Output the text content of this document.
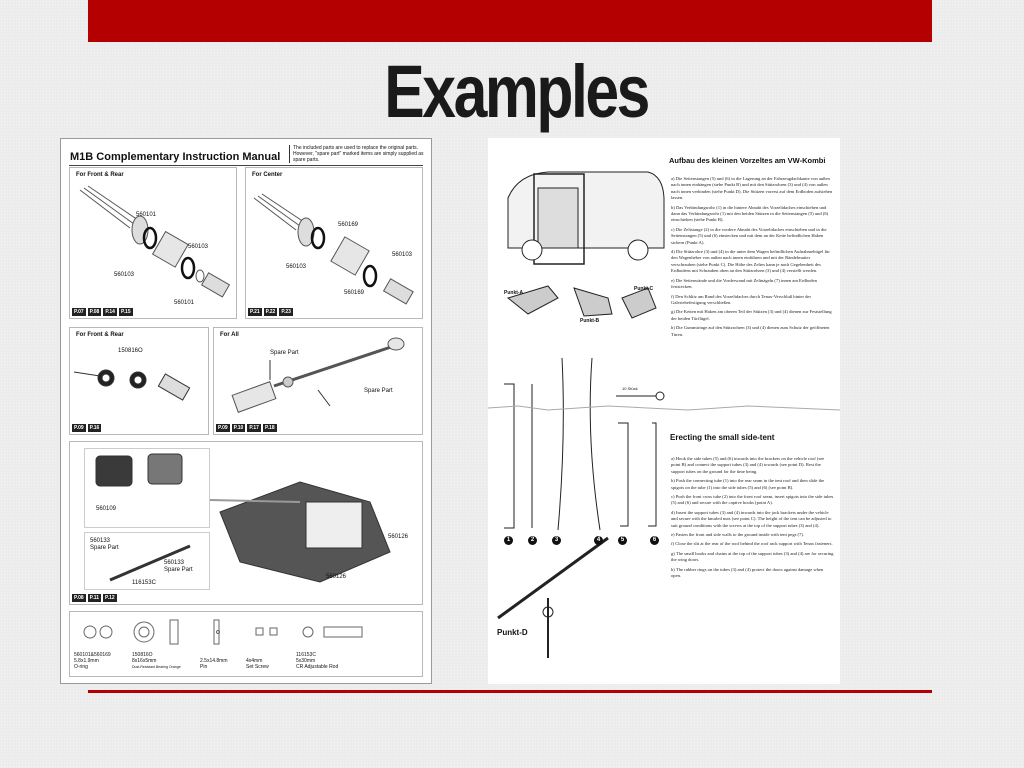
Examples
M1B Complementary Instruction Manual
The included parts are used to replace the original parts. However, "spare part" marked items are simply supplied as spare parts.
For Front & Rear
560101
560103
560103
560101
P.07	P.08	P.14	P.15
For Center
560169
560103
560103
560169
P.21	P.22	P.23
For Front & Rear
150816O
P.09	P.16
For All
Spare Part
Spare Part
P.09	P.10	P.17	P.18
560109
560133
Spare Part
560133
Spare Part
116153C
560126
560126
P.08	P.11	P.12
560101&560169
5.8x1.9mm
O-ring
150816O
8x16x5mm
Dust-Resistant Bearing Orange
2.5x14.8mm
Pin
4x4mm
Set Screw
116153C
5x30mm
CR Adjustable Rod
Aufbau des kleinen Vorzeltes am VW-Kombi

a) Die Seitenstangen (5) und (6) in die Lagerung an der Fahrzeugdachkante von außen nach innen einhängen (siehe Punkt B) und mit den Stützrohren (3) und (4) von außen nach innen verbinden (siehe Punkt D). Die Stützen vorerst auf dem Erdboden aufstehen lassen.

b) Das Verbindungsrohr (1) in die hintere Abnaht des Vorzeltdaches einschieben und dann das Verbindungsrohr (1) mit den beiden Stützen in die Seitenstangen (5) und (6) einschieben (siehe Punkt B).

c) Die Zeltstange (2) in die vordere Abnaht des Vorzeltdaches einschieben und in die Seitenstangen (5) und (6) einstecken und mit dem an der Kette befindlichen Haken sichern (Punkt A).

d) Die Stützrohre (3) und (4) in die unter dem Wagen befindlichen Aufnahmebügel für den Wagenheber von außen nach innen einführen und mit der Rändelmutter verschrauben (siehe Punkt C). Die Höhe des Zeltes kann je nach Gegebenheit des Erdbodens mit Schrauben oben an den Stützrohren (3) und (4) verstellt werden.

e) Die Seitenwände und die Vorderwand mit Zeltnägeln (7) innen am Erdboden feststecken.

f) Den Schlitz am Rand des Vorzeltdaches durch Tenax-Verschluß hinter der Galeriebefestigung verschließen.

g) Die Ketten mit Haken am oberen Teil der Stützen (3) und (4) dienen zur Feststellung der beiden Türflügel.

h) Die Gummiringe auf den Stützrohren (3) und (4) dienen zum Schutz der geöffneten Türen.

Erecting the small side-tent

a) Hook the side tubes (5) and (6) inwards into the brackets on the vehicle roof (see point B) and connect the support tubes (3) and (4) towards (see point D). Rest the support tubes on the ground for the time being.

b) Push the connecting tube (1) into the rear seam in the tent roof and then slide the spigots on the tube (1) into the side tubes (5) and (6) (see point B).

c) Push the front cross tube (2) into the front roof seam, insert spigots into the side tubes (5) and (6) and secure with the captive hooks (point A).

d) Insert the support tubes (3) and (4) inwards into the jack brackets under the vehicle and secure with the knurled nuts (see point C). The height of the tent can be adjusted to suit ground conditions with the screws at the top of the support tubes (3) and (4).

e) Fasten the front and side walls to the ground inside with tent pegs (7).

f) Close the slit at the rear of the roof behind the roof rack support with Tenax fasteners.

g) The small hooks and chains at the top of the support tubes (3) and (4) are for securing the wing doors.

h) The rubber rings on the tubes (3) and (4) protect the doors against damage when open.

Punkt-A
Punkt-B
Punkt-C
10 Stück
Punkt-D
1	2	3	4	5	6
